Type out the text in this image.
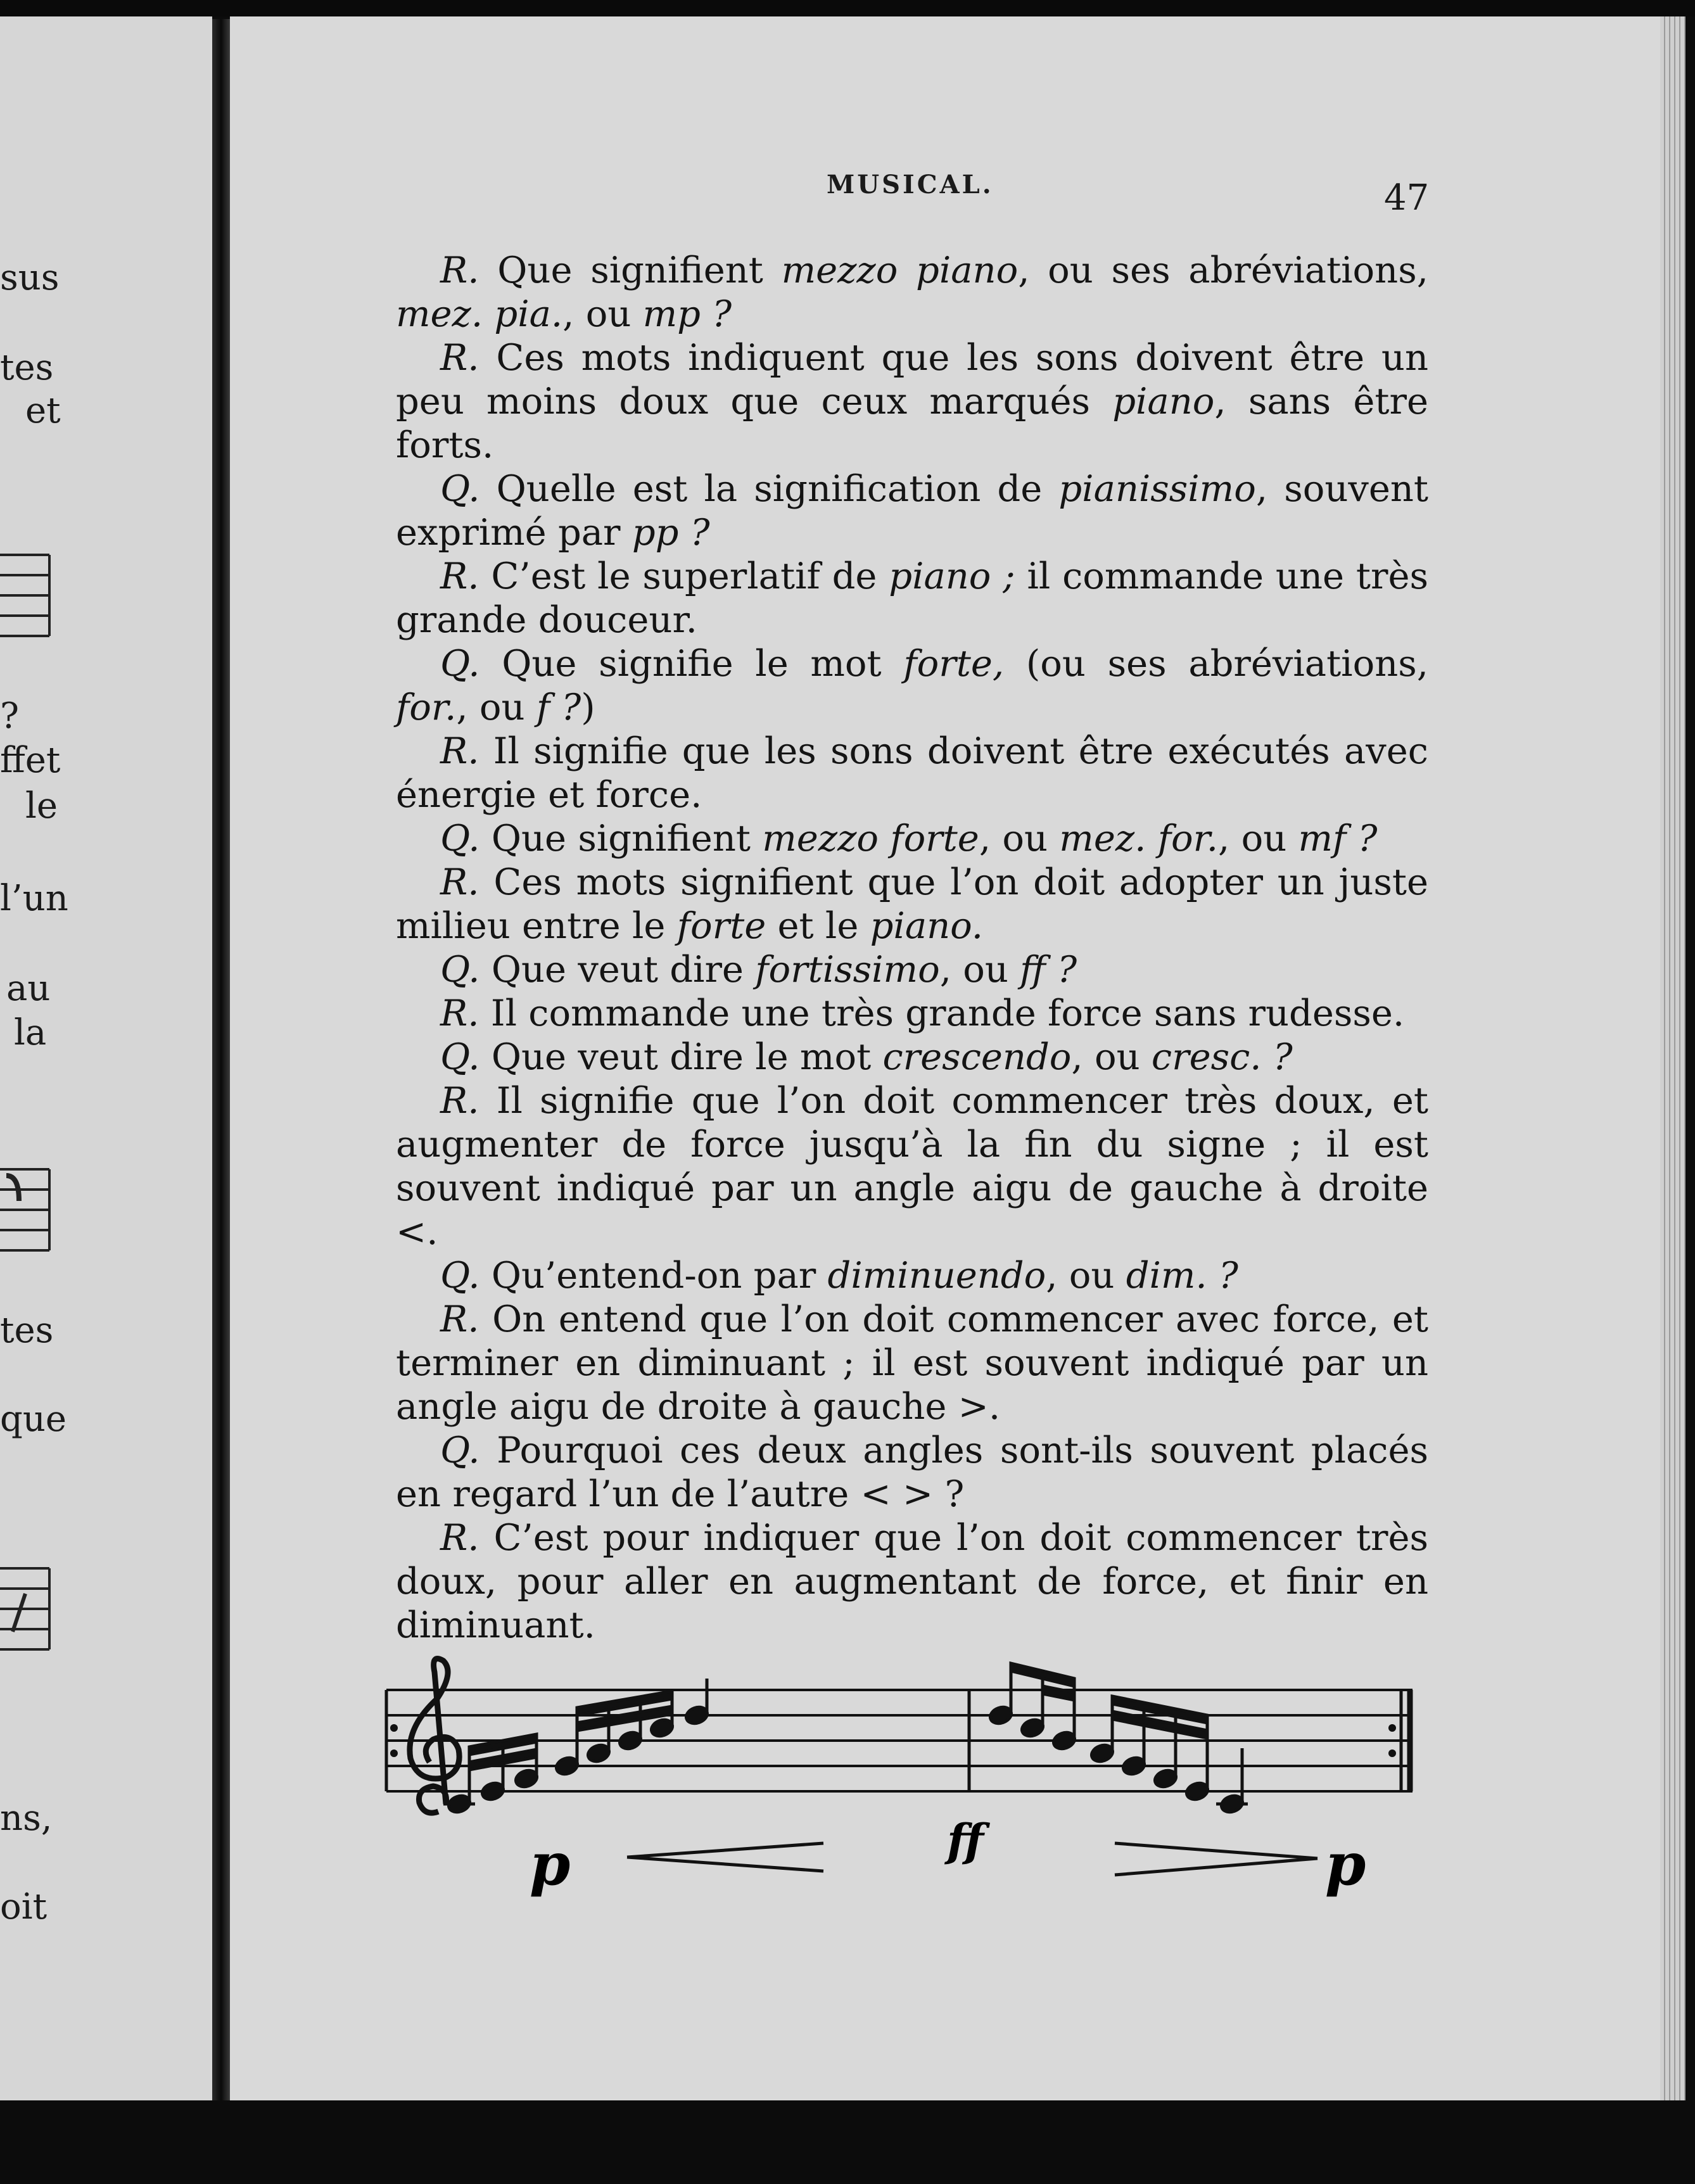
sus
tes
et
?
ffet
le
l’un
au
la
tes
que
ns,
oit
MUSICAL.	47

R. Que signifient mezzo piano, ou ses abréviations, mez. pia., ou mp ?

R. Ces mots indiquent que les sons doivent être un peu moins doux que ceux marqués piano, sans être forts.

Q. Quelle est la signification de pianissimo, souvent exprimé par pp ?

R. C’est le superlatif de piano ; il commande une très grande douceur.

Q. Que signifie le mot forte, (ou ses abréviations, for., ou f ?)

R. Il signifie que les sons doivent être exécutés avec énergie et force.

Q. Que signifient mezzo forte, ou mez. for., ou mf ?

R. Ces mots signifient que l’on doit adopter un juste milieu entre le forte et le piano.

Q. Que veut dire fortissimo, ou ff ?

R. Il commande une très grande force sans rudesse.

Q. Que veut dire le mot crescendo, ou cresc. ?

R. Il signifie que l’on doit commencer très doux, et augmenter de force jusqu’à la fin du signe ; il est souvent indiqué par un angle aigu de gauche à droite <.

Q. Qu’entend-on par diminuendo, ou dim. ?

R. On entend que l’on doit commencer avec force, et terminer en diminuant ; il est souvent indiqué par un angle aigu de droite à gauche >.

Q. Pourquoi ces deux angles sont-ils souvent placés en regard l’un de l’autre < > ?

R. C’est pour indiquer que l’on doit commencer très doux, pour aller en augmentant de force, et finir en diminuant.

p	ff	p
